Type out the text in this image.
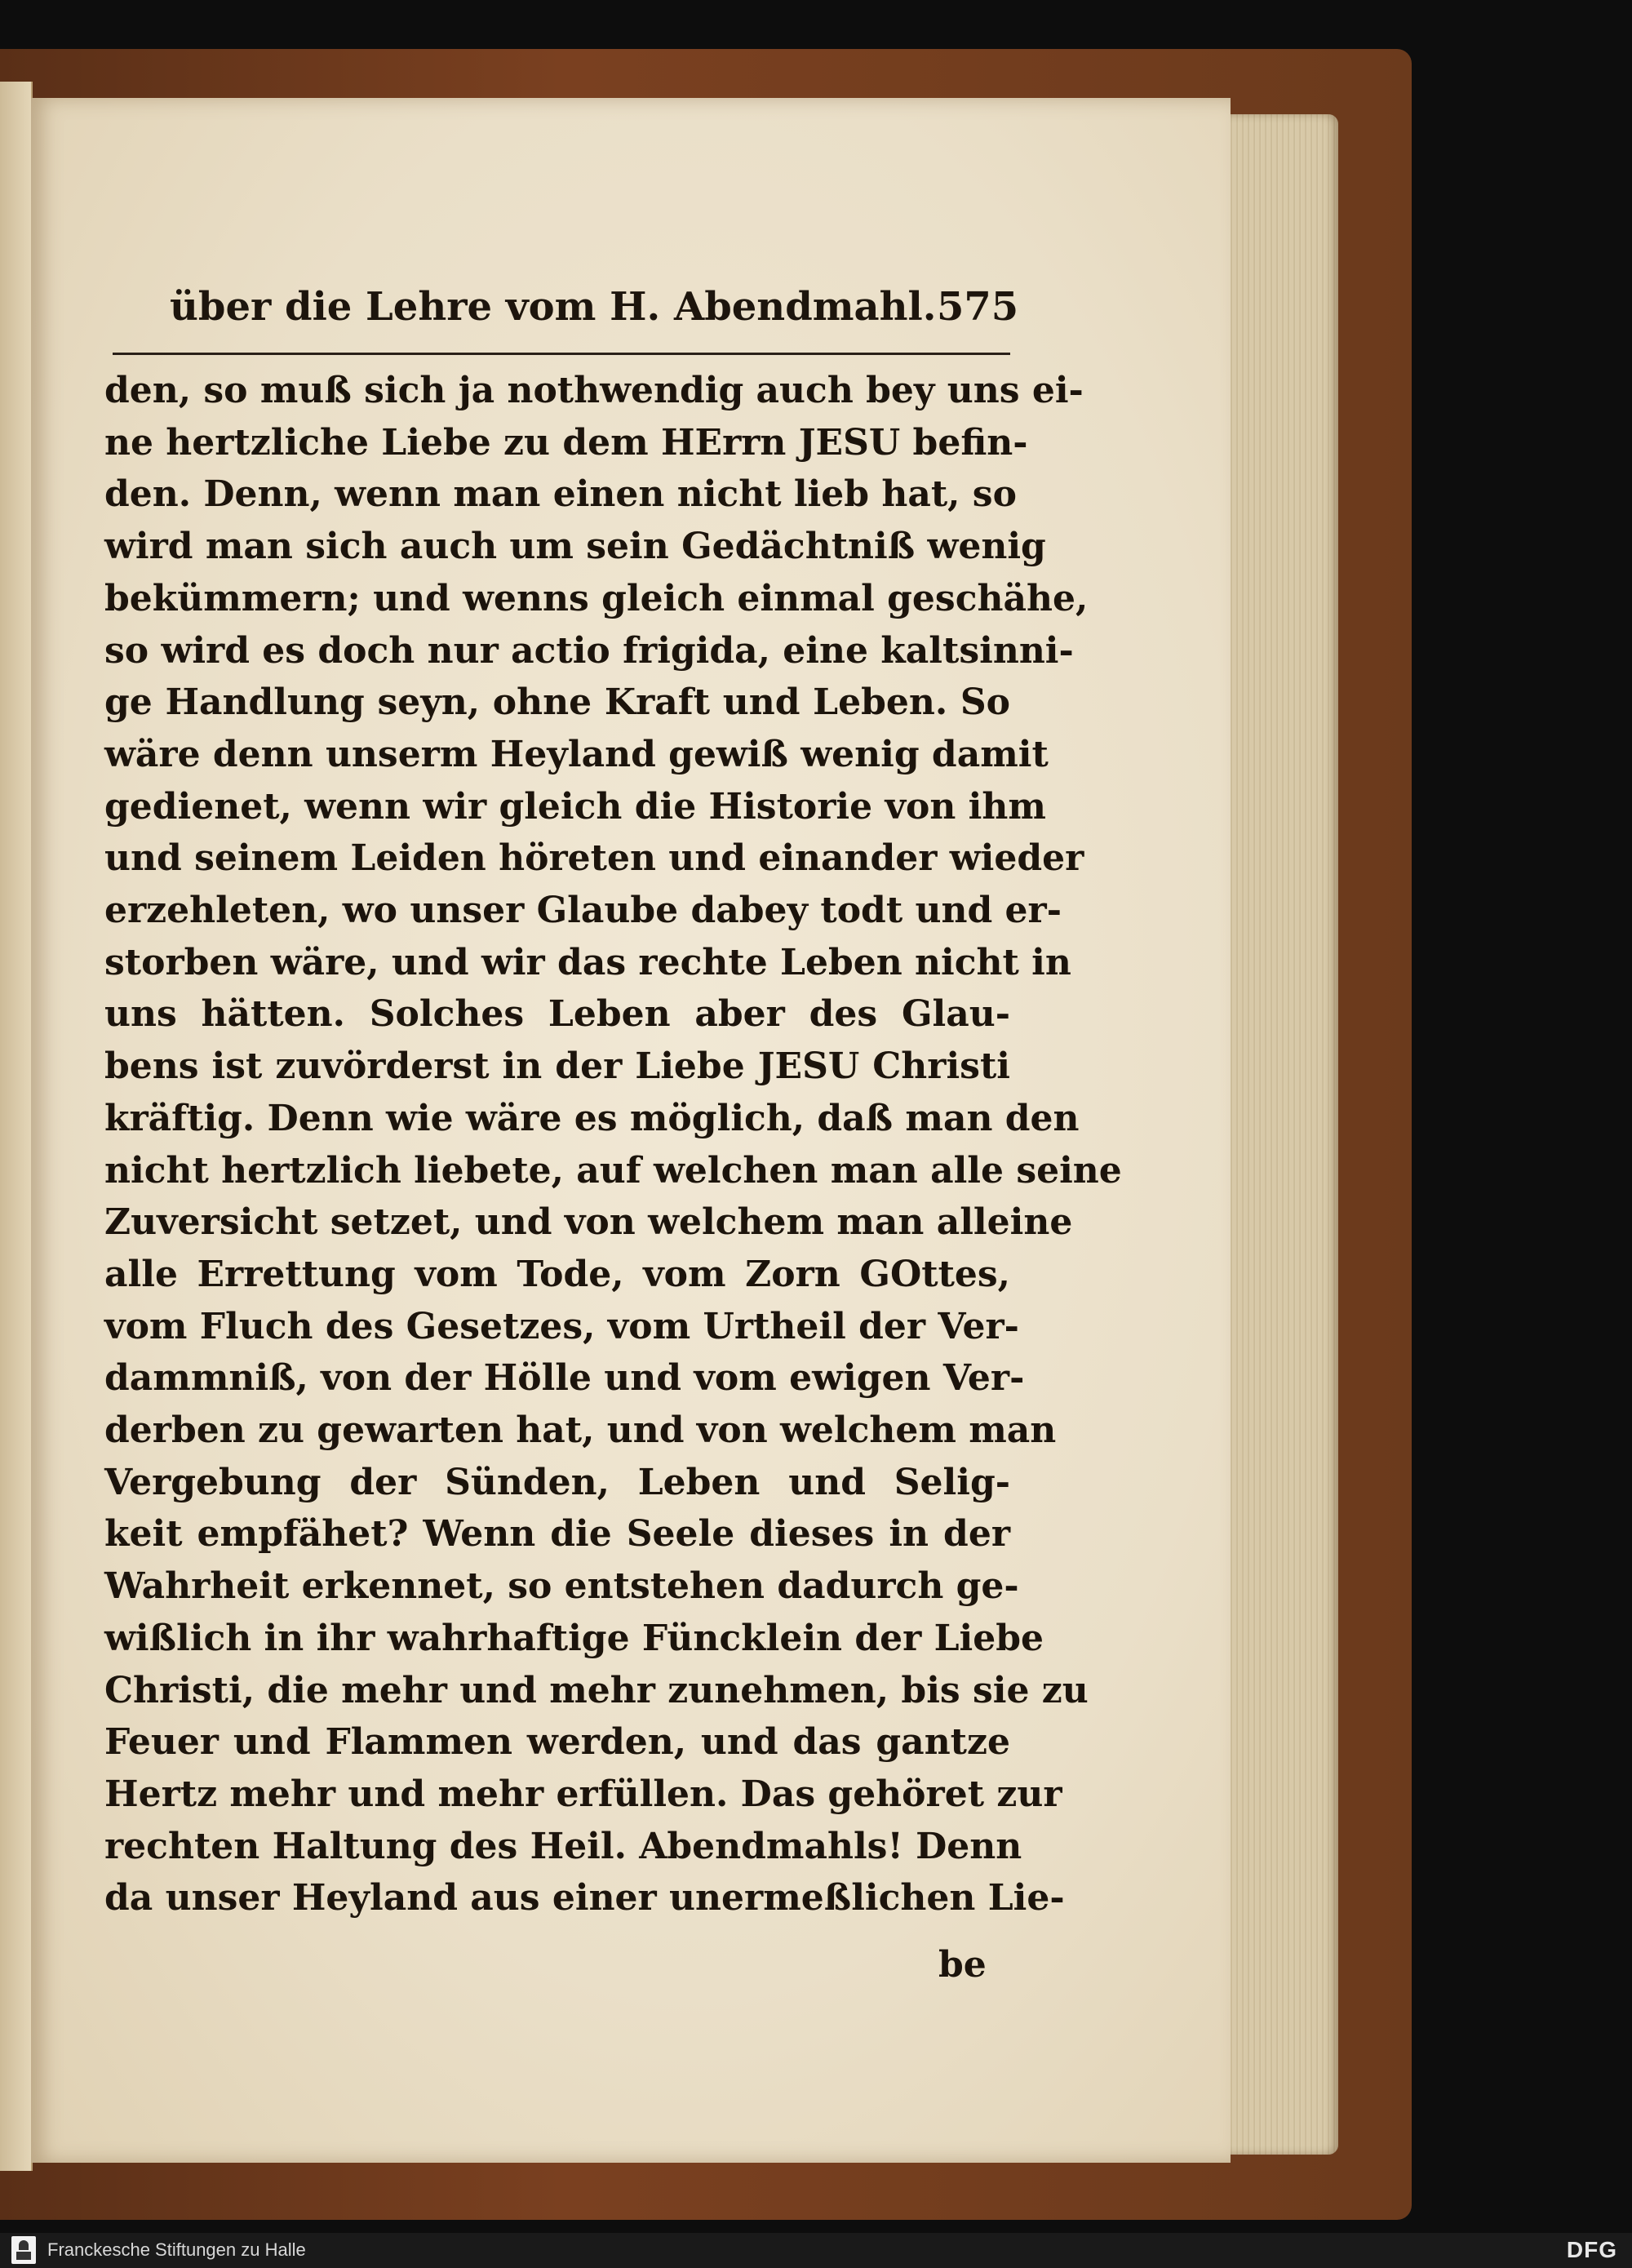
über die Lehre vom H. Abendmahl. 575
den, so muß sich ja nothwendig auch bey uns ei-
ne hertzliche Liebe zu dem HErrn JESU befin-
den. Denn, wenn man einen nicht lieb hat, so
wird man sich auch um sein Gedächtniß wenig
bekümmern; und wenns gleich einmal geschähe,
so wird es doch nur actio frigida, eine kaltsinni-
ge Handlung seyn, ohne Kraft und Leben. So
wäre denn unserm Heyland gewiß wenig damit
gedienet, wenn wir gleich die Historie von ihm
und seinem Leiden höreten und einander wieder
erzehleten, wo unser Glaube dabey todt und er-
storben wäre, und wir das rechte Leben nicht in
uns hätten. Solches Leben aber des Glau-
bens ist zuvörderst in der Liebe JESU Christi
kräftig. Denn wie wäre es möglich, daß man den
nicht hertzlich liebete, auf welchen man alle seine
Zuversicht setzet, und von welchem man alleine
alle Errettung vom Tode, vom Zorn GOttes,
vom Fluch des Gesetzes, vom Urtheil der Ver-
dammniß, von der Hölle und vom ewigen Ver-
derben zu gewarten hat, und von welchem man
Vergebung der Sünden, Leben und Selig-
keit empfähet? Wenn die Seele dieses in der
Wahrheit erkennet, so entstehen dadurch ge-
wißlich in ihr wahrhaftige Füncklein der Liebe
Christi, die mehr und mehr zunehmen, bis sie zu
Feuer und Flammen werden, und das gantze
Hertz mehr und mehr erfüllen. Das gehöret zur
rechten Haltung des Heil. Abendmahls! Denn
da unser Heyland aus einer unermeßlichen Lie-
be
Franckesche Stiftungen zu Halle	DFG
